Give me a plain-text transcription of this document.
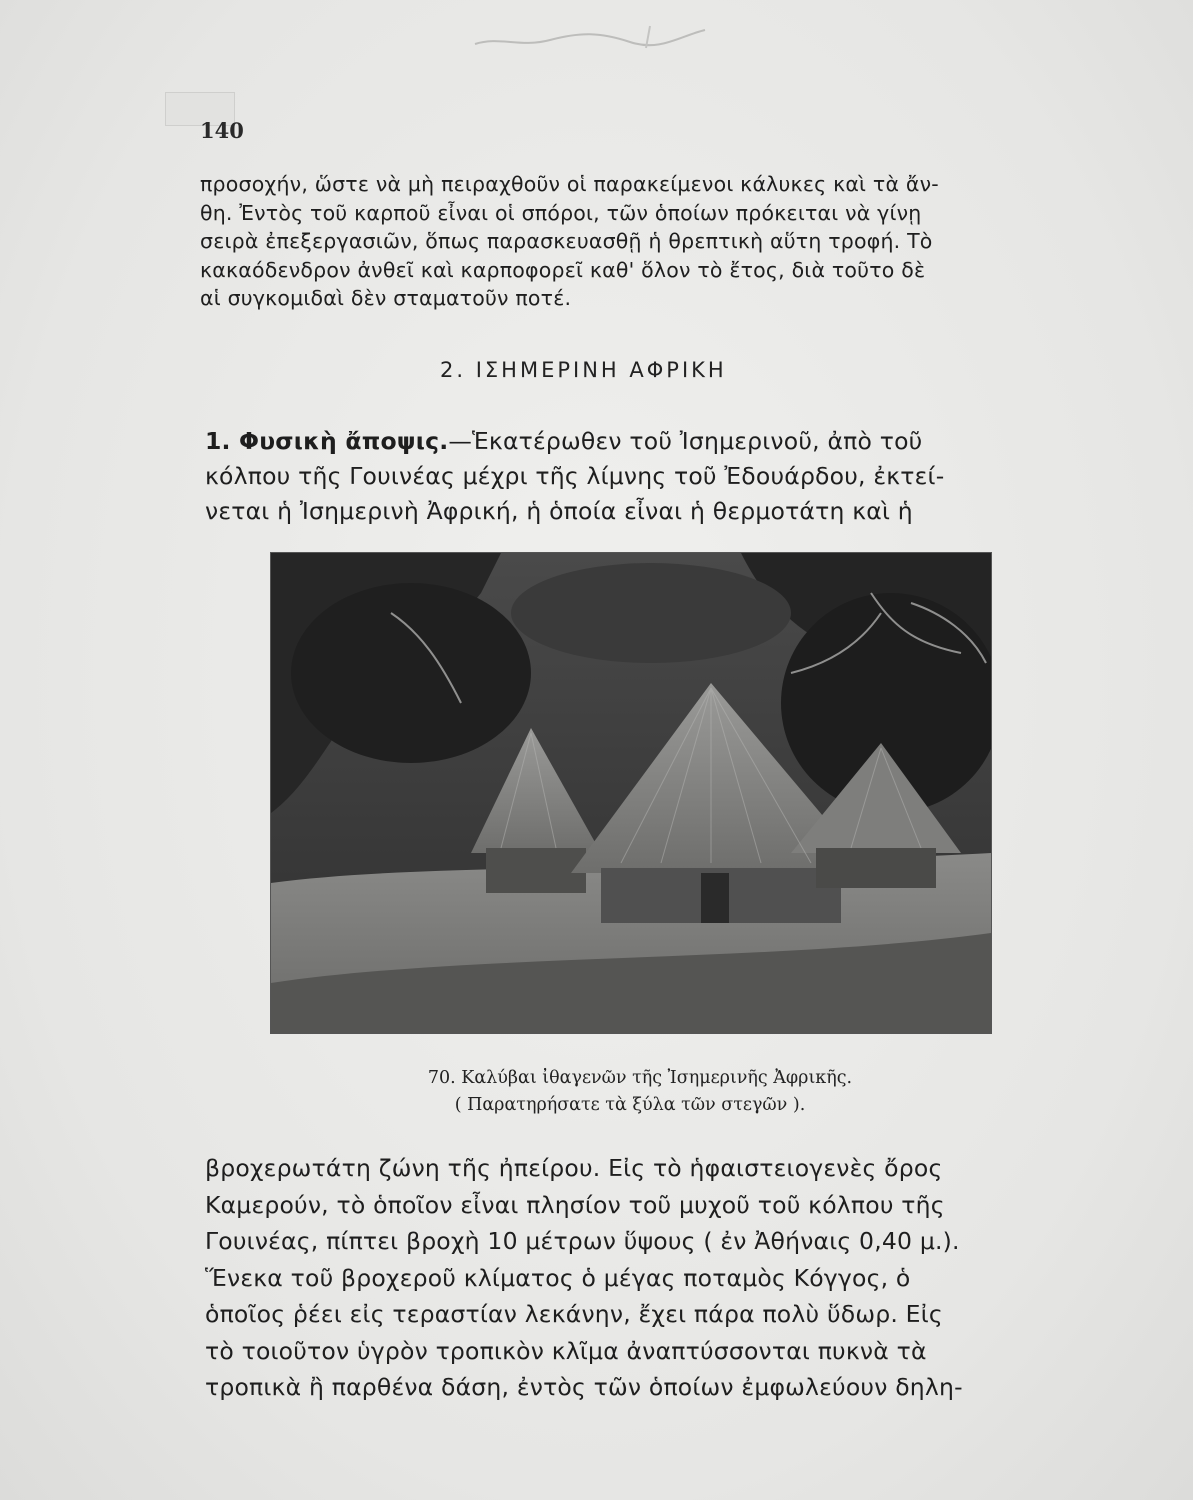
140

προσοχήν, ὥστε νὰ μὴ πειραχθοῦν οἱ παρακείμενοι κάλυκες καὶ τὰ ἄν-

θη. Ἐντὸς τοῦ καρποῦ εἶναι οἱ σπόροι, τῶν ὁποίων πρόκειται νὰ γίνῃ

σειρὰ ἐπεξεργασιῶν, ὅπως παρασκευασθῇ ἡ θρεπτικὴ αὕτη τροφή. Τὸ

κακαόδενδρον ἀνθεῖ καὶ καρποφορεῖ καθ' ὅλον τὸ ἔτος, διὰ τοῦτο δὲ

αἱ συγκομιδαὶ δὲν σταματοῦν ποτέ.

2. ΙΣΗΜΕΡΙΝΗ ΑΦΡΙΚΗ

1. Φυσικὴ ἄποψις.—Ἑκατέρωθεν τοῦ Ἰσημερινοῦ, ἀπὸ τοῦ

κόλπου τῆς Γουινέας μέχρι τῆς λίμνης τοῦ Ἐδουάρδου, ἐκτεί-

νεται ἡ Ἰσημερινὴ Ἀφρική, ἡ ὁποία εἶναι ἡ θερμοτάτη καὶ ἡ

70. Καλύβαι ἰθαγενῶν τῆς Ἰσημερινῆς Ἀφρικῆς.
( Παρατηρήσατε τὰ ξύλα τῶν στεγῶν ).

βροχερωτάτη ζώνη τῆς ἠπείρου. Εἰς τὸ ἡφαιστειογενὲς ὄρος

Καμερούν, τὸ ὁποῖον εἶναι πλησίον τοῦ μυχοῦ τοῦ κόλπου τῆς

Γουινέας, πίπτει βροχὴ 10 μέτρων ὕψους ( ἐν Ἀθήναις 0,40 μ.).

Ἕνεκα τοῦ βροχεροῦ κλίματος ὁ μέγας ποταμὸς Κόγγος, ὁ

ὁποῖος ῥέει εἰς τεραστίαν λεκάνην, ἔχει πάρα πολὺ ὕδωρ. Εἰς

τὸ τοιοῦτον ὑγρὸν τροπικὸν κλῖμα ἀναπτύσσονται πυκνὰ τὰ

τροπικὰ ἢ παρθένα δάση, ἐντὸς τῶν ὁποίων ἐμφωλεύουν δηλη-
